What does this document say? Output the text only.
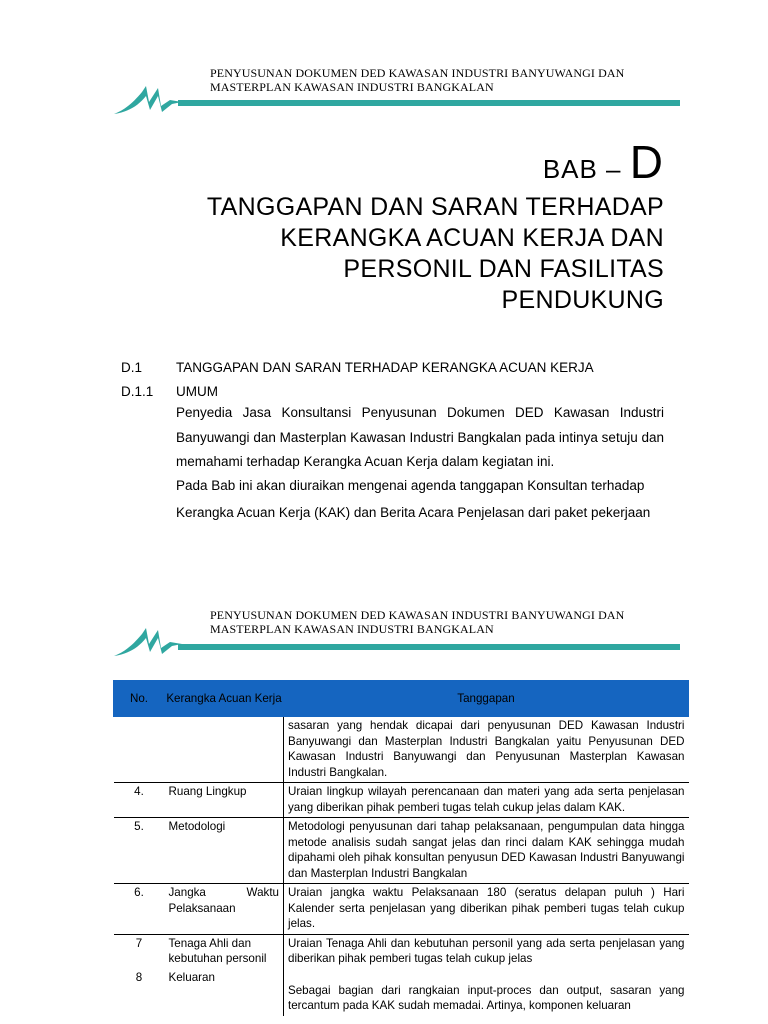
PENYUSUNAN DOKUMEN DED KAWASAN INDUSTRI BANYUWANGI DAN
MASTERPLAN KAWASAN INDUSTRI BANGKALAN
BAB – D
TANGGAPAN DAN SARAN TERHADAP
KERANGKA ACUAN KERJA DAN
PERSONIL DAN FASILITAS
PENDUKUNG
D.1	TANGGAPAN DAN SARAN TERHADAP KERANGKA ACUAN KERJA
D.1.1 UMUM
Penyedia Jasa Konsultansi Penyusunan Dokumen DED Kawasan Industri Banyuwangi dan Masterplan Kawasan Industri Bangkalan pada intinya setuju dan memahami terhadap Kerangka Acuan Kerja dalam kegiatan ini.
Pada Bab ini akan diuraikan mengenai agenda tanggapan Konsultan terhadap
Kerangka Acuan Kerja (KAK) dan Berita Acara Penjelasan dari paket pekerjaan
PENYUSUNAN DOKUMEN DED KAWASAN INDUSTRI BANYUWANGI DAN
MASTERPLAN KAWASAN INDUSTRI BANGKALAN
No.	Kerangka Acuan Kerja	Tanggapan
		sasaran yang hendak dicapai dari penyusunan DED Kawasan Industri Banyuwangi dan Masterplan Industri Bangkalan yaitu Penyusunan DED Kawasan Industri Banyuwangi dan Penyusunan Masterplan Kawasan Industri Bangkalan.
4.	Ruang Lingkup	Uraian lingkup wilayah perencanaan dan materi yang ada serta penjelasan yang diberikan pihak pemberi tugas telah cukup jelas dalam KAK.
5.	Metodologi	Metodologi penyusunan dari tahap pelaksanaan, pengumpulan data hingga metode analisis sudah sangat jelas dan rinci dalam KAK sehingga mudah dipahami oleh pihak konsultan penyusun DED Kawasan Industri Banyuwangi dan Masterplan Industri Bangkalan
6.	Jangka Waktu Pelaksanaan	Uraian jangka waktu Pelaksanaan 180 (seratus delapan puluh ) Hari Kalender serta penjelasan yang diberikan pihak pemberi tugas telah cukup jelas.
7	Tenaga Ahli dan kebutuhan personil	Uraian Tenaga Ahli dan kebutuhan personil yang ada serta penjelasan yang diberikan pihak pemberi tugas telah cukup jelas
8	Keluaran	Sebagai bagian dari rangkaian input-proces dan output, sasaran yang tercantum pada KAK sudah memadai. Artinya, komponen keluaran
